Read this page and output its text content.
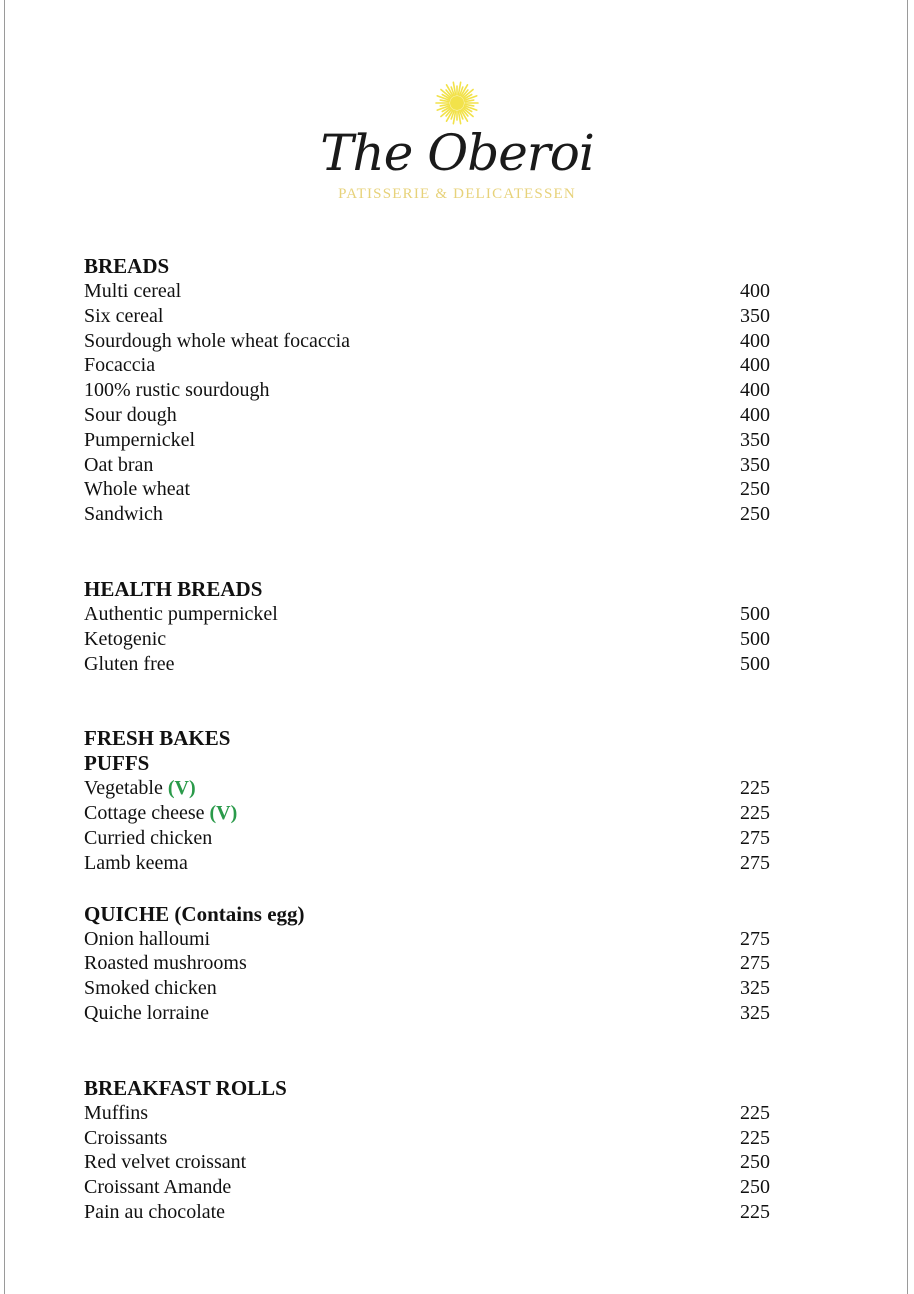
The Oberoi
PATISSERIE & DELICATESSEN
BREADS
Multi cereal	400
Six cereal	350
Sourdough whole wheat focaccia	400
Focaccia	400
100% rustic sourdough	400
Sour dough	400
Pumpernickel	350
Oat bran	350
Whole wheat	250
Sandwich	250
HEALTH BREADS
Authentic pumpernickel	500
Ketogenic	500
Gluten free	500
FRESH BAKES
PUFFS
Vegetable (V)	225
Cottage cheese (V)	225
Curried chicken	275
Lamb keema	275
QUICHE (Contains egg)
Onion halloumi	275
Roasted mushrooms	275
Smoked chicken	325
Quiche lorraine	325
BREAKFAST ROLLS
Muffins	225
Croissants	225
Red velvet croissant	250
Croissant Amande	250
Pain au chocolate	225
